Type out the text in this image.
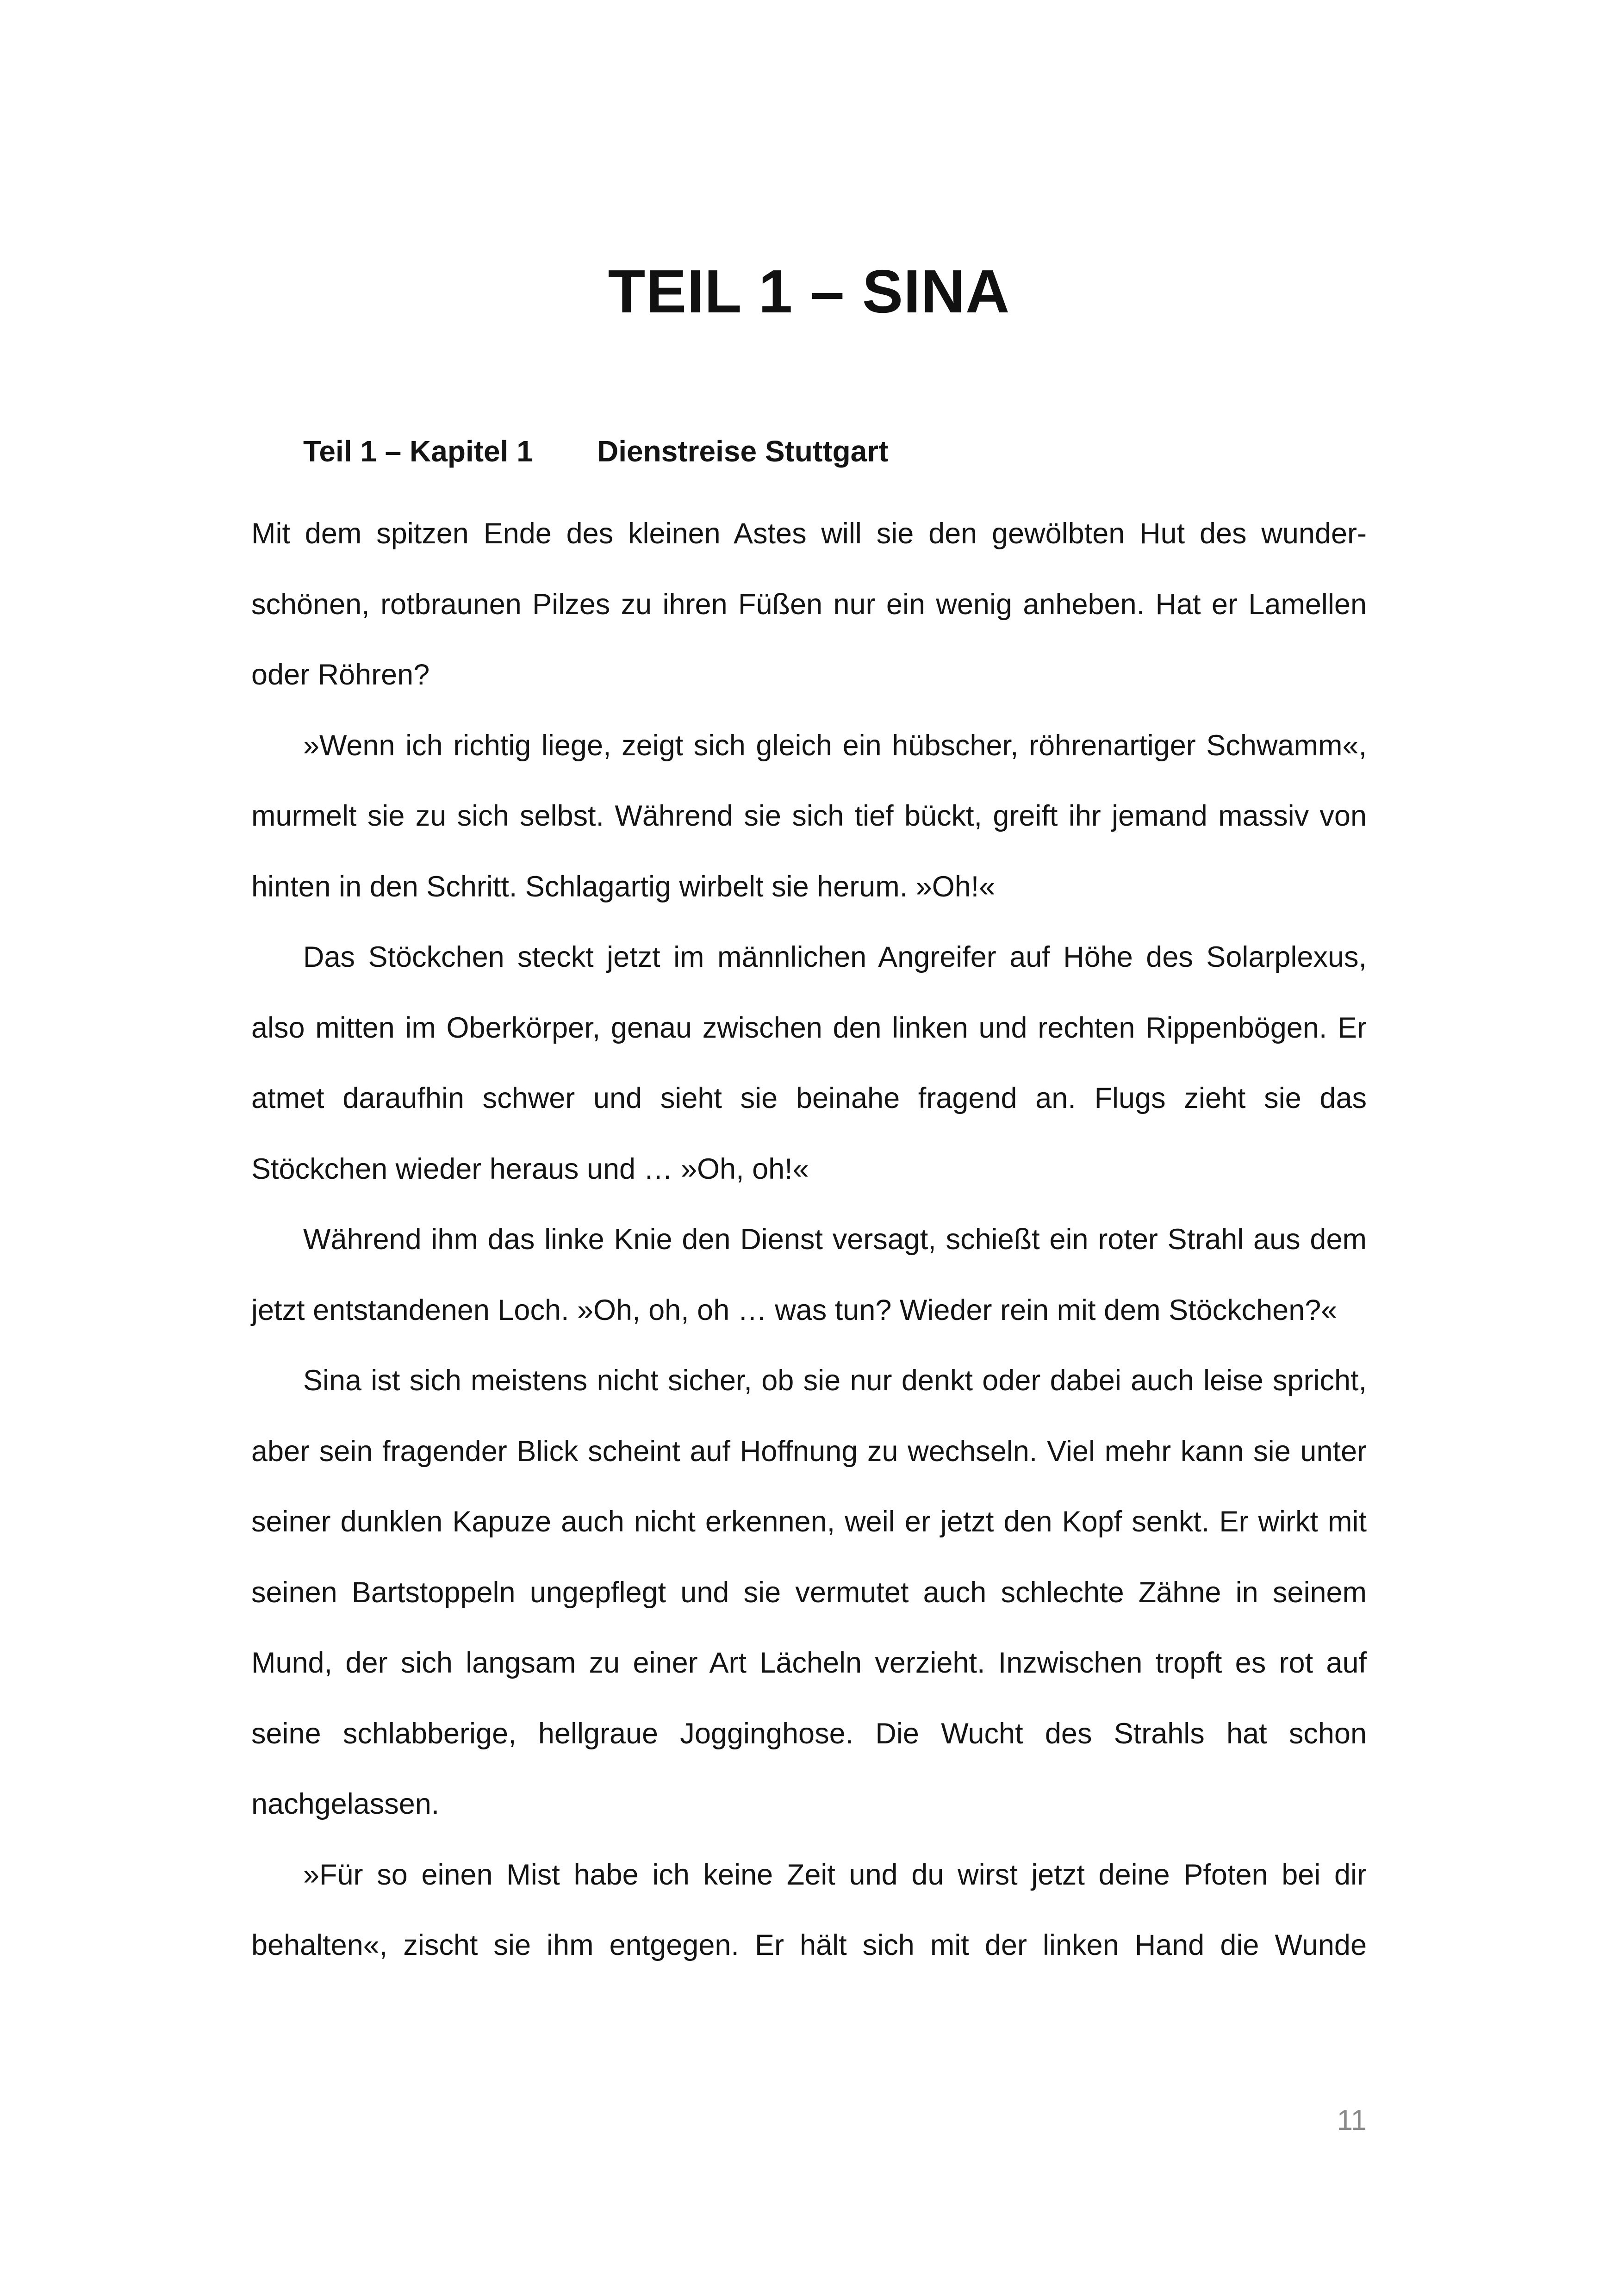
TEIL 1 – SINA
Teil 1 – Kapitel 1 Dienstreise Stuttgart

Mit dem spitzen Ende des kleinen Astes will sie den gewölbten Hut des wunderschönen, rotbraunen Pilzes zu ihren Füßen nur ein wenig anheben. Hat er Lamellen oder Röhren?

»Wenn ich richtig liege, zeigt sich gleich ein hübscher, röhrenartiger Schwamm«, murmelt sie zu sich selbst. Während sie sich tief bückt, greift ihr jemand massiv von hinten in den Schritt. Schlagartig wirbelt sie herum. »Oh!«

Das Stöckchen steckt jetzt im männlichen Angreifer auf Höhe des Solarplexus, also mitten im Oberkörper, genau zwischen den linken und rechten Rippenbögen. Er atmet daraufhin schwer und sieht sie beinahe fragend an. Flugs zieht sie das Stöckchen wieder heraus und … »Oh, oh!«

Während ihm das linke Knie den Dienst versagt, schießt ein roter Strahl aus dem jetzt entstandenen Loch. »Oh, oh, oh … was tun? Wieder rein mit dem Stöckchen?«

Sina ist sich meistens nicht sicher, ob sie nur denkt oder dabei auch leise spricht, aber sein fragender Blick scheint auf Hoffnung zu wechseln. Viel mehr kann sie unter seiner dunklen Kapuze auch nicht erkennen, weil er jetzt den Kopf senkt. Er wirkt mit seinen Bartstoppeln ungepflegt und sie vermutet auch schlechte Zähne in seinem Mund, der sich langsam zu einer Art Lächeln verzieht. Inzwischen tropft es rot auf seine schlabberige, hellgraue Jogginghose. Die Wucht des Strahls hat schon nachgelassen.

»Für so einen Mist habe ich keine Zeit und du wirst jetzt deine Pfoten bei dir behalten«, zischt sie ihm entgegen. Er hält sich mit der linken Hand die Wunde

11
